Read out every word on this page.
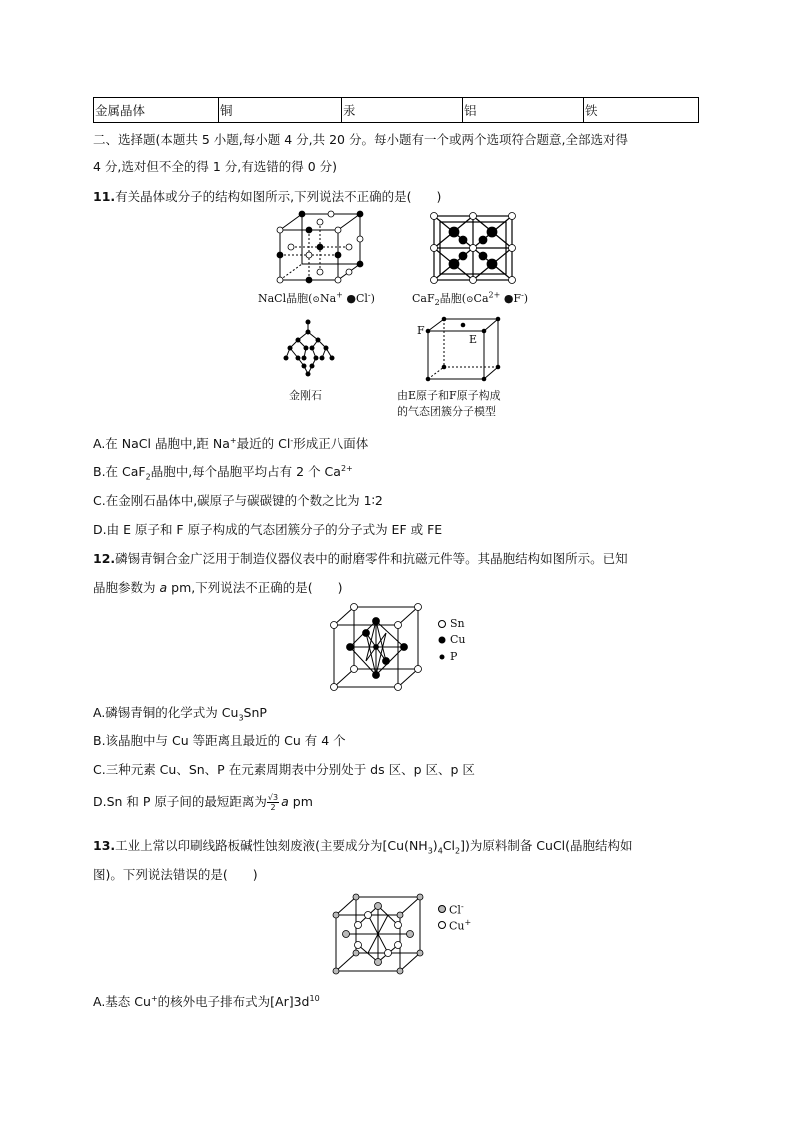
金属晶体	铜	汞	铝	铁
二、选择题(本题共 5 小题,每小题 4 分,共 20 分。每小题有一个或两个选项符合题意,全部选对得
4 分,选对但不全的得 1 分,有选错的得 0 分)
11.有关晶体或分子的结构如图所示,下列说法不正确的是(　　)
NaCl晶胞(⊙Na+ ●Cl-)	CaF$_2$晶胞($⊙Ca^{2+}$ ●F-)
金刚石
F
E
由E原子和F原子构成
的气态团簇分子模型
A.在 NaCl 晶胞中,距 Na+最近的 Cl-形成正八面体
B.在 CaF$_2$晶胞中,每个晶胞平均占有 2 个 $Ca^{2+}$
C.在金刚石晶体中,碳原子与碳碳键的个数之比为 1∶2
D.由 E 原子和 F 原子构成的气态团簇分子的分子式为 EF 或 FE
12.磷锡青铜合金广泛用于制造仪器仪表中的耐磨零件和抗磁元件等。其晶胞结构如图所示。已知
晶胞参数为 a pm,下列说法不正确的是(　　)
Sn
Cu
P
A.磷锡青铜的化学式为 $Cu_3SnP$
B.该晶胞中与 Cu 等距离且最近的 Cu 有 4 个
C.三种元素 Cu、Sn、P 在元素周期表中分别处于 ds 区、p 区、p 区
D.Sn 和 P 原子间的最短距离为 $\frac{√3}{2}$ a pm
13.工业上常以印刷线路板碱性蚀刻废液(主要成分为$[Cu(NH_3)_4Cl_2]$)为原料制备 CuCl(晶胞结构如
图)。下列说法错误的是(　　)
Cl-
Cu+
A.基态 Cu+的核外电子排布式为$[Ar]3d^{10}$
